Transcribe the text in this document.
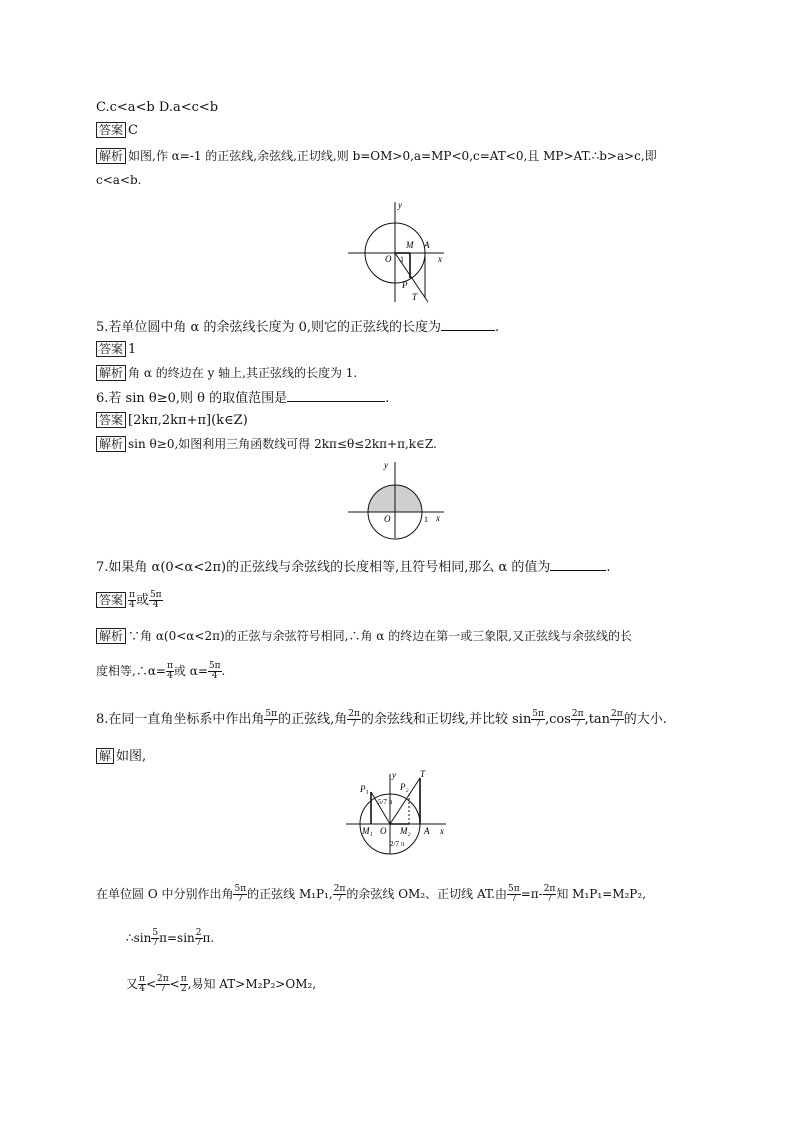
C.c<a<b D.a<c<b
答案 C
解析 如图,作 α=-1 的正弦线,余弦线,正切线,则 b=OM>0,a=MP<0,c=AT<0,且 MP>AT.∴b>a>c,即
c<a<b.
y
x
O
M A
P
T
1
5.若单位圆中角 α 的余弦线长度为 0,则它的正弦线的长度为	.
答案 1
解析 角 α 的终边在 y 轴上,其正弦线的长度为 1.
6.若 sin θ≥0,则 θ 的取值范围是	.
答案 [2kπ,2kπ+π](k∈Z)
解析 sin θ≥0,如图利用三角函数线可得 2kπ≤θ≤2kπ+π,k∈Z.
y
x
O	1
7.如果角 α(0<α<2π)的正弦线与余弦线的长度相等,且符号相同,那么 α 的值为	.
答案 $\frac{\pi}{4}$ 或 $\frac{5\pi}{4}$
解析 ∵角 α(0<α<2π)的正弦与余弦符号相同,∴角 α 的终边在第一或三象限,又正弦线与余弦线的长
度相等,∴α= $\frac{\pi}{4}$ 或 $\alpha= \frac{5\pi}{4}$ .
8.在同一直角坐标系中作出角 $\frac{5\pi}{7}$ 的正弦线,角 $\frac{2\pi}{7}$ 的余弦线和正切线,并比较 $\sin \frac{5\pi}{7} ,\cos \frac{2\pi}{7} ,\tan \frac{2\pi}{7}$ 的大小.
解 如图,
y
x
O
T
A
P₁	P₂
M₁	M₂
5/7 π
2/7 π
在单位圆 O 中分别作出角 $\frac{5\pi}{7}$ 的正弦线 M₁P₁, $\frac{2\pi}{7}$ 的余弦线 OM₂、正切线 AT.由 $\frac{5\pi}{7} =\pi- \frac{2\pi}{7}$ 知 M₁P₁=M₂P₂,
∴sin $\frac{5}{7} \pi=\sin \frac{2}{7} \pi$.
又 $\frac{\pi}{4} < \frac{2\pi}{7} < \frac{\pi}{2}$ ,易知 AT>M₂P₂>OM₂,
